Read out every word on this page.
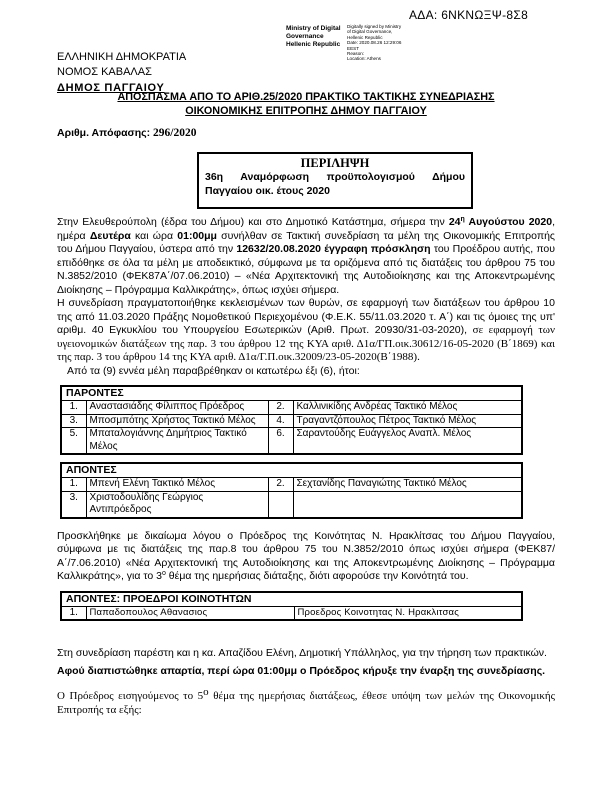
ΑΔΑ: 6ΝΚΝΩΞΨ-8Σ8
Ministry of Digital
Governance
Hellenic Republic
Digitally signed by Ministry
of Digital Governance,
Hellenic Republic
Date: 2020.08.26 12:29:06
EEST
Reason:
Location: Athens
ΕΛΛΗΝΙΚΗ ΔΗΜΟΚΡΑΤΙΑ
ΝΟΜΟΣ ΚΑΒΑΛΑΣ
ΔΗΜΟΣ ΠΑΓΓΑΙΟΥ
ΑΠΟΣΠΑΣΜΑ ΑΠΟ ΤΟ ΑΡΙΘ.25/2020 ΠΡΑΚΤΙΚΟ ΤΑΚΤΙΚΗΣ ΣΥΝΕΔΡΙΑΣΗΣ
ΟΙΚΟΝΟΜΙΚΗΣ ΕΠΙΤΡΟΠΗΣ ΔΗΜΟΥ ΠΑΓΓΑΙΟΥ
Αριθμ. Απόφασης: 296/2020
ΠΕΡΙΛΗΨΗ
36η Αναμόρφωση προϋπολογισμού Δήμου Παγγαίου οικ. έτους 2020
Στην Ελευθερούπολη (έδρα του Δήμου) και στο Δημοτικό Κατάστημα, σήμερα την $24^\eta$ Αυγούστου 2020, ημέρα Δευτέρα και ώρα 01:00μμ συνήλθαν σε Τακτική συνεδρίαση τα μέλη της Οικονομικής Επιτροπής του Δήμου Παγγαίου, ύστερα από την 12632/20.08.2020 έγγραφη πρόσκληση του Προέδρου αυτής, που επιδόθηκε σε όλα τα μέλη με αποδεικτικό, σύμφωνα με τα οριζόμενα από τις διατάξεις του άρθρου 75 του Ν.3852/2010 (ΦΕΚ87Α΄/07.06.2010) – «Νέα Αρχιτεκτονική της Αυτοδιοίκησης και της Αποκεντρωμένης Διοίκησης – Πρόγραμμα Καλλικράτης», όπως ισχύει σήμερα.
Η συνεδρίαση πραγματοποιήθηκε κεκλεισμένων των θυρών, σε εφαρμογή των διατάξεων του άρθρου 10 της από 11.03.2020 Πράξης Νομοθετικού Περιεχομένου (Φ.Ε.Κ. 55/11.03.2020 τ. Α΄) και τις όμοιες της υπ' αριθμ. 40 Εγκυκλίου του Υπουργείου Εσωτερικών (Αριθ. Πρωτ. 20930/31-03-2020), σε εφαρμογή των υγειονομικών διατάξεων της παρ. 3 του άρθρου 12 της ΚΥΑ αριθ. Δ1α/ΓΠ.οικ.30612/16-05-2020 (Β΄1869) και της παρ. 3 του άρθρου 14 της ΚΥΑ αριθ. Δ1α/Γ.Π.οικ.32009/23-05-2020(Β΄1988).
Από τα (9) εννέα μέλη παραβρέθηκαν οι κατωτέρω έξι (6), ήτοι:
ΠΑΡΟΝΤΕΣ			
1.	Αναστασιάδης Φίλιππος Πρόεδρος	2.	Καλλινικίδης Ανδρέας Τακτικό Μέλος
3.	Μποσμπότης Χρήστος Τακτικό Μέλος	4.	Τραγαντζόπουλος Πέτρος Τακτικό Μέλος
5.	Μπαταλογιάννης Δημήτριος Τακτικό Μέλος	6.	Σαραντούδης Ευάγγελος Αναπλ. Μέλος
ΑΠΟΝΤΕΣ			
1.	Μπενή Ελένη Τακτικό Μέλος	2.	Σεχτανίδης Παναγιώτης Τακτικό Μέλος
3.	Χριστοδουλίδης Γεώργιος Αντιπρόεδρος		
Προσκλήθηκε με δικαίωμα λόγου ο Πρόεδρος της Κοινότητας Ν. Ηρακλίτσας του Δήμου Παγγαίου, σύμφωνα με τις διατάξεις της παρ.8 του άρθρου 75 του Ν.3852/2010 όπως ισχύει σήμερα (ΦΕΚ87/ Α΄/7.06.2010) «Νέα Αρχιτεκτονική της Αυτοδιοίκησης και της Αποκεντρωμένης Διοίκησης – Πρόγραμμα Καλλικράτης», για το $3^o$ θέμα της ημερήσιας διάταξης, διότι αφορούσε την Κοινότητά του.
ΑΠΟΝΤΕΣ: ΠΡΟΕΔΡΟΙ ΚΟΙΝΟΤΗΤΩΝ
1.	Παπαδοπουλος Αθανασιος	Προεδρος Κοινοτητας Ν. Ηρακλιτσας
Στη συνεδρίαση παρέστη και η κα. Απαζίδου Ελένη, Δημοτική Υπάλληλος, για την τήρηση των πρακτικών.
Αφού διαπιστώθηκε απαρτία, περί ώρα 01:00μμ ο Πρόεδρος κήρυξε την έναρξη της συνεδρίασης.
Ο Πρόεδρος εισηγούμενος το $5^o$ θέμα της ημερήσιας διατάξεως, έθεσε υπόψη των μελών της Οικονομικής Επιτροπής τα εξής:
